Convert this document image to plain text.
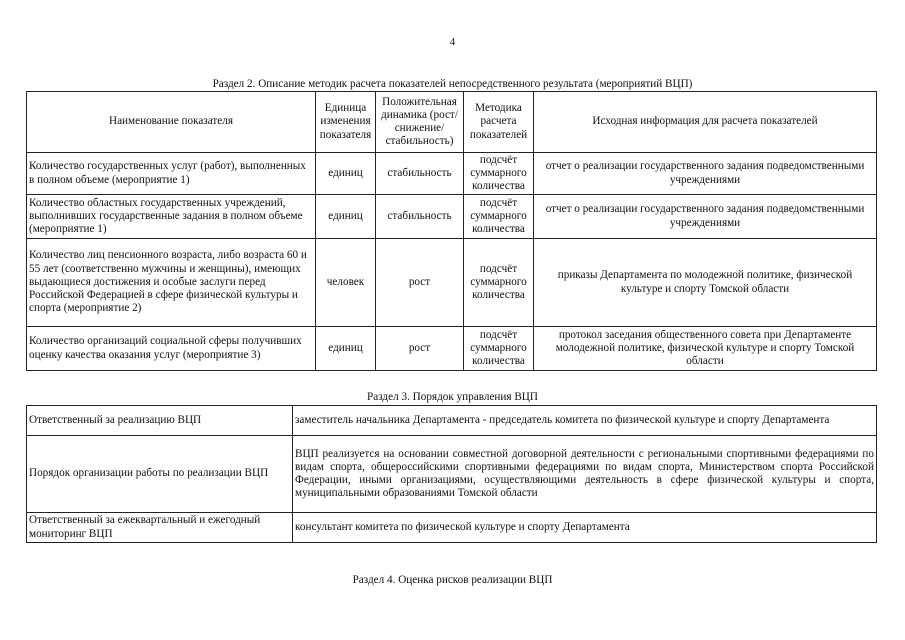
4
Раздел 2. Описание методик расчета показателей непосредственного результата (мероприятий ВЦП)
Наименование показателя	Единица изменения показателя	Положительная динамика (рост/ снижение/ стабильность)	Методика расчета показателей	Исходная информация для расчета показателей
Количество государственных услуг (работ), выполненных в полном объеме (мероприятие 1)	единиц	стабильность	подсчёт суммарного количества	отчет о реализации государственного задания подведомственными учреждениями
Количество областных государственных учреждений, выполнивших государственные задания в полном объеме (мероприятие 1)	единиц	стабильность	подсчёт суммарного количества	отчет о реализации государственного задания подведомственными учреждениями
Количество лиц пенсионного возраста, либо возраста 60 и 55 лет (соответственно мужчины и женщины), имеющих выдающиеся достижения и особые заслуги перед Российской Федерацией в сфере физической культуры и спорта (мероприятие 2)	человек	рост	подсчёт суммарного количества	приказы Департамента по молодежной политике, физической культуре и спорту Томской области
Количество организаций социальной сферы получивших оценку качества оказания услуг (мероприятие 3)	единиц	рост	подсчёт суммарного количества	протокол заседания общественного совета при Департаменте молодежной политике, физической культуре и спорту Томской области
Раздел 3. Порядок управления ВЦП
Ответственный за реализацию ВЦП	заместитель начальника Департамента - председатель комитета по физической культуре и спорту Департамента
Порядок организации работы по реализации ВЦП	ВЦП реализуется на основании совместной договорной деятельности с региональными спортивными федерациями по видам спорта, общероссийскими спортивными федерациями по видам спорта, Министерством спорта Российской Федерации, иными организациями, осуществляющими деятельность в сфере физической культуры и спорта, муниципальными образованиями Томской области
Ответственный за ежеквартальный и ежегодный мониторинг ВЦП	консультант комитета по физической культуре и спорту Департамента
Раздел 4. Оценка рисков реализации ВЦП
